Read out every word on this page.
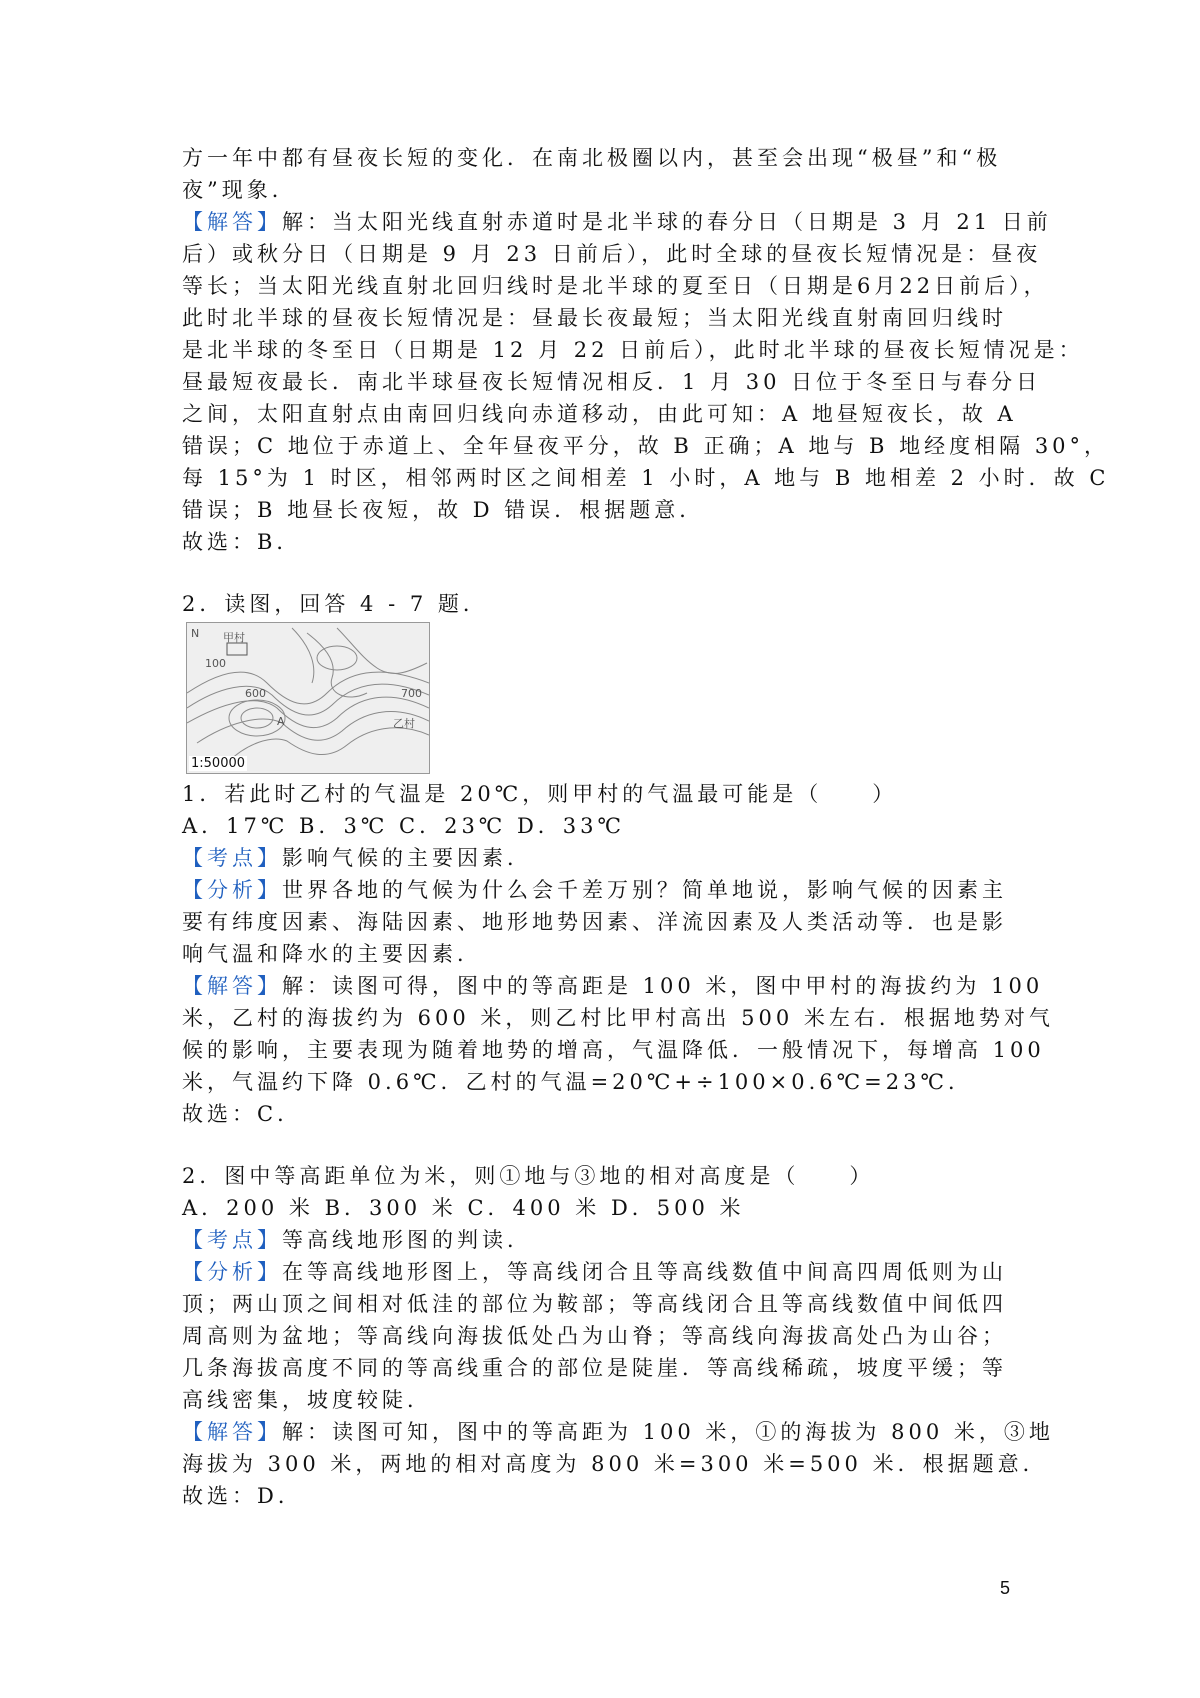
方一年中都有昼夜长短的变化．在南北极圈以内，甚至会出现“极昼”和“极
夜”现象．
【解答】解：当太阳光线直射赤道时是北半球的春分日（日期是 3 月 21 日前
后）或秋分日（日期是 9 月 23 日前后），此时全球的昼夜长短情况是：昼夜
等长；当太阳光线直射北回归线时是北半球的夏至日（日期是6月22日前后），
此时北半球的昼夜长短情况是：昼最长夜最短；当太阳光线直射南回归线时
是北半球的冬至日（日期是 12 月 22 日前后），此时北半球的昼夜长短情况是：
昼最短夜最长．南北半球昼夜长短情况相反．1 月 30 日位于冬至日与春分日
之间，太阳直射点由南回归线向赤道移动，由此可知：A 地昼短夜长，故 A
错误；C 地位于赤道上、全年昼夜平分，故 B 正确；A 地与 B 地经度相隔 30°，
每 15°为 1 时区，相邻两时区之间相差 1 小时，A 地与 B 地相差 2 小时．故 C
错误；B 地昼长夜短，故 D 错误．根据题意．
故选：B．
2．读图，回答 4 - 7 题．
N 甲村
100
600	700
乙村
A
1:50000
1．若此时乙村的气温是 20℃，则甲村的气温最可能是（　　）
A．17℃ B．3℃ C．23℃ D．33℃
【考点】影响气候的主要因素．
【分析】世界各地的气候为什么会千差万别？简单地说，影响气候的因素主
要有纬度因素、海陆因素、地形地势因素、洋流因素及人类活动等．也是影
响气温和降水的主要因素．
【解答】解：读图可得，图中的等高距是 100 米，图中甲村的海拔约为 100
米，乙村的海拔约为 600 米，则乙村比甲村高出 500 米左右．根据地势对气
候的影响，主要表现为随着地势的增高，气温降低．一般情况下，每增高 100
米，气温约下降 0.6℃．乙村的气温=20℃+÷100×0.6℃=23℃．
故选：C．
2．图中等高距单位为米，则①地与③地的相对高度是（　　）
A．200 米 B．300 米 C．400 米 D．500 米
【考点】等高线地形图的判读．
【分析】在等高线地形图上，等高线闭合且等高线数值中间高四周低则为山
顶；两山顶之间相对低洼的部位为鞍部；等高线闭合且等高线数值中间低四
周高则为盆地；等高线向海拔低处凸为山脊；等高线向海拔高处凸为山谷；
几条海拔高度不同的等高线重合的部位是陡崖．等高线稀疏，坡度平缓；等
高线密集，坡度较陡．
【解答】解：读图可知，图中的等高距为 100 米，①的海拔为 800 米，③地
海拔为 300 米，两地的相对高度为 800 米=300 米=500 米．根据题意．
故选：D．
5
